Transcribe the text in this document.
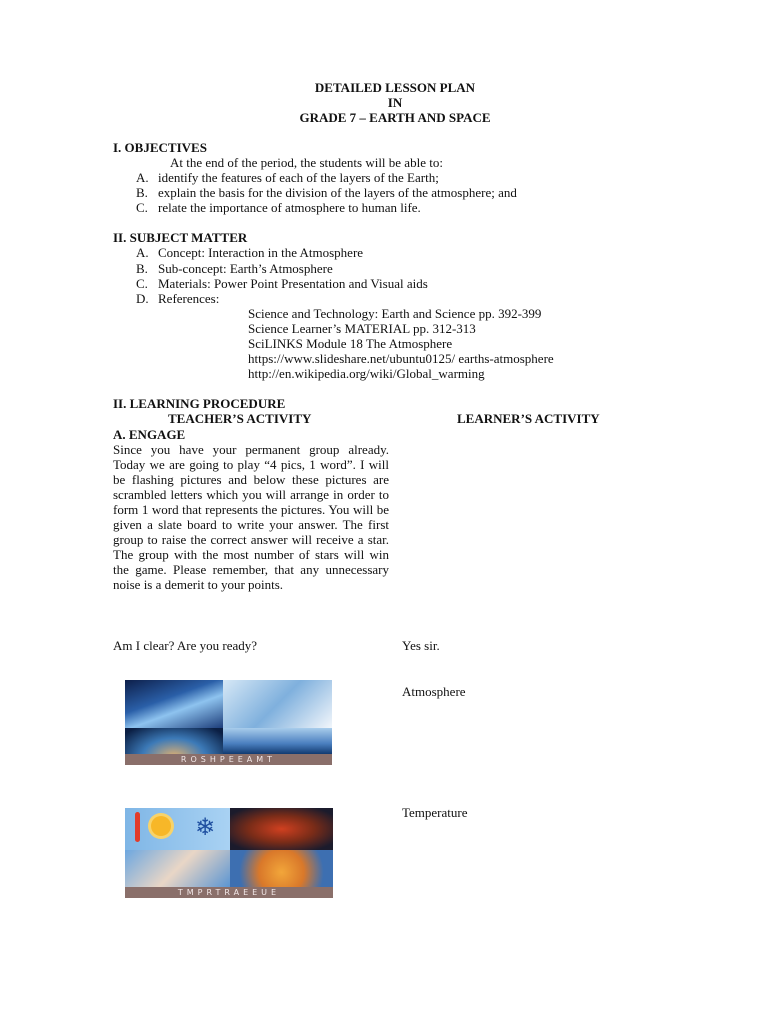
DETAILED LESSON PLAN
IN
GRADE 7 – EARTH AND SPACE
I. OBJECTIVES
At the end of the period, the students will be able to:
A. identify the features of each of the layers of the Earth;
B. explain the basis for the division of the layers of the atmosphere; and
C. relate the importance of atmosphere to human life.
II. SUBJECT MATTER
A. Concept: Interaction in the Atmosphere
B. Sub-concept: Earth’s Atmosphere
C. Materials: Power Point Presentation and Visual aids
D. References:
Science and Technology: Earth and Science pp. 392-399
Science Learner’s MATERIAL pp. 312-313
SciLINKS Module 18 The Atmosphere
https://www.slideshare.net/ubuntu0125/ earths-atmosphere
http://en.wikipedia.org/wiki/Global_warming
II. LEARNING PROCEDURE
TEACHER’S ACTIVITY	LEARNER’S ACTIVITY
A. ENGAGE
Since you have your permanent group already. Today we are going to play “4 pics, 1 word”. I will be flashing pictures and below these pictures are scrambled letters which you will arrange in order to form 1 word that represents the pictures. You will be given a slate board to write your answer. The first group to raise the correct answer will receive a star. The group with the most number of stars will win the game. Please remember, that any unnecessary noise is a demerit to your points.
Am I clear? Are you ready?	Yes sir.
ROSHPEEAMT
Atmosphere
❄
TMPRTRAEEUE
Temperature
